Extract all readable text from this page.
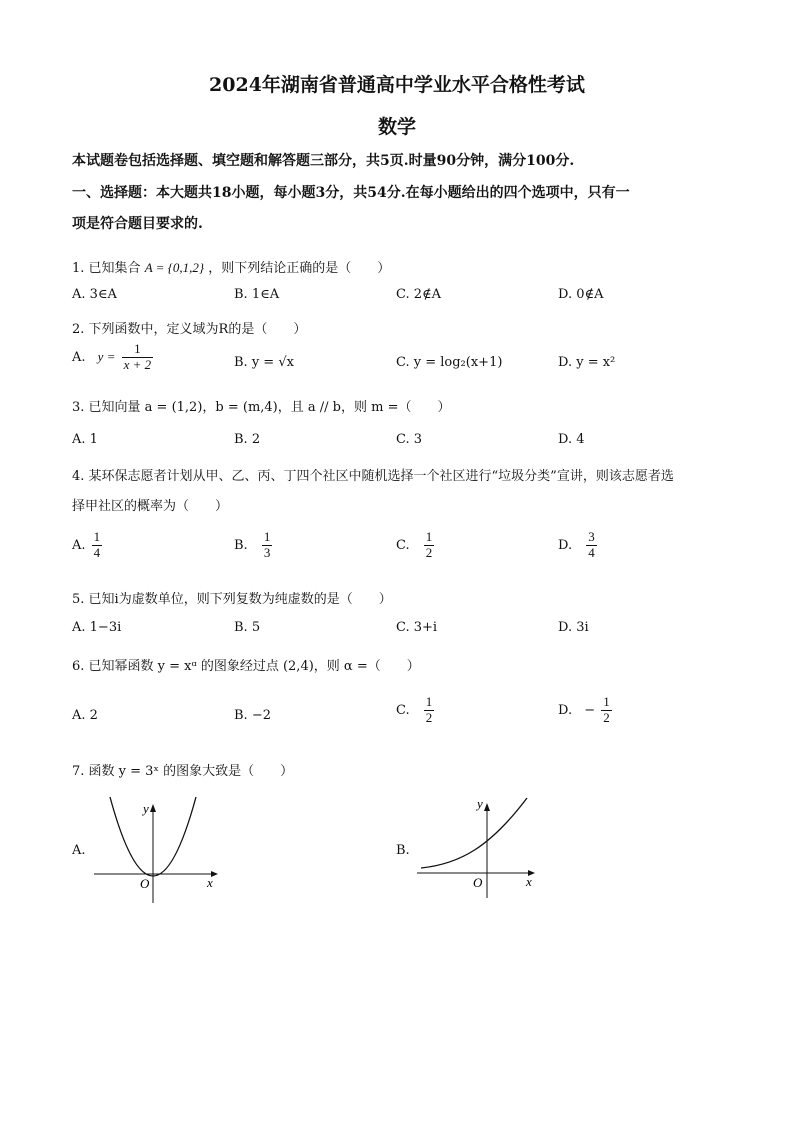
2024年湖南省普通高中学业水平合格性考试
数学
本试题卷包括选择题、填空题和解答题三部分，共5页.时量90分钟，满分100分.
一、选择题：本大题共18小题，每小题3分，共54分.在每小题给出的四个选项中，只有一
项是符合题目要求的.
1. 已知集合 A = {0,1,2} ，则下列结论正确的是（　　）
A. 3∈A	B. 1∈A	C. 2∉A	D. 0∉A
2. 下列函数中，定义域为R的是（　　）
A. $y = \frac{1}{x + 2}$	B. y = √x	C. y = log₂(x+1)	D. y = x²
3. 已知向量 a = (1,2)，b = (m,4)，且 a // b，则 m =（　　）
A. 1	B. 2	C. 3	D. 4
4. 某环保志愿者计划从甲、乙、丙、丁四个社区中随机选择一个社区进行“垃圾分类”宣讲，则该志愿者选
择甲社区的概率为（　　）
A. $\frac{1}{4}$	B. $\frac{1}{3}$	C. $\frac{1}{2}$	D. $\frac{3}{4}$
5. 已知i为虚数单位，则下列复数为纯虚数的是（　　）
A. 1−3i	B. 5	C. 3+i	D. 3i
6. 已知幂函数 y = xᵅ 的图象经过点 (2,4)，则 α =（　　）
A. 2	B. −2	C. $\frac{1}{2}$	D. − $\frac{1}{2}$
7. 函数 y = 3ˣ 的图象大致是（　　）
A.
y
x
O
B.
y
x
O
